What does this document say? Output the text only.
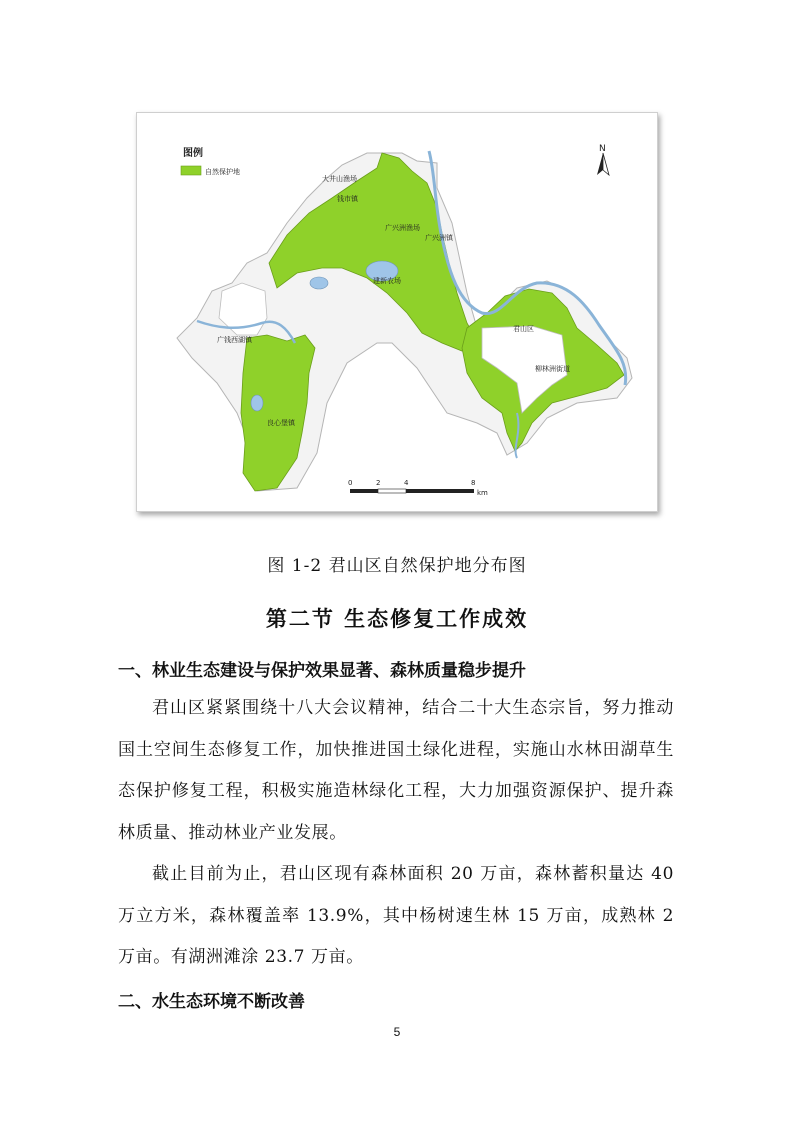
图例
自然保护地
N
大井山渔场
钱市镇
广兴洲渔场
广兴洲镇
建新农场
君山区
柳林洲街道
广钱西湖镇
良心堡镇
0	2	4	8
km
图 1-2 君山区自然保护地分布图
第二节 生态修复工作成效
一、林业生态建设与保护效果显著、森林质量稳步提升

君山区紧紧围绕十八大会议精神，结合二十大生态宗旨，努力推动国土空间生态修复工作，加快推进国土绿化进程，实施山水林田湖草生态保护修复工程，积极实施造林绿化工程，大力加强资源保护、提升森林质量、推动林业产业发展。

截止目前为止，君山区现有森林面积 20 万亩，森林蓄积量达 40 万立方米，森林覆盖率 13.9%，其中杨树速生林 15 万亩，成熟林 2 万亩。有湖洲滩涂 23.7 万亩。

二、水生态环境不断改善
5
